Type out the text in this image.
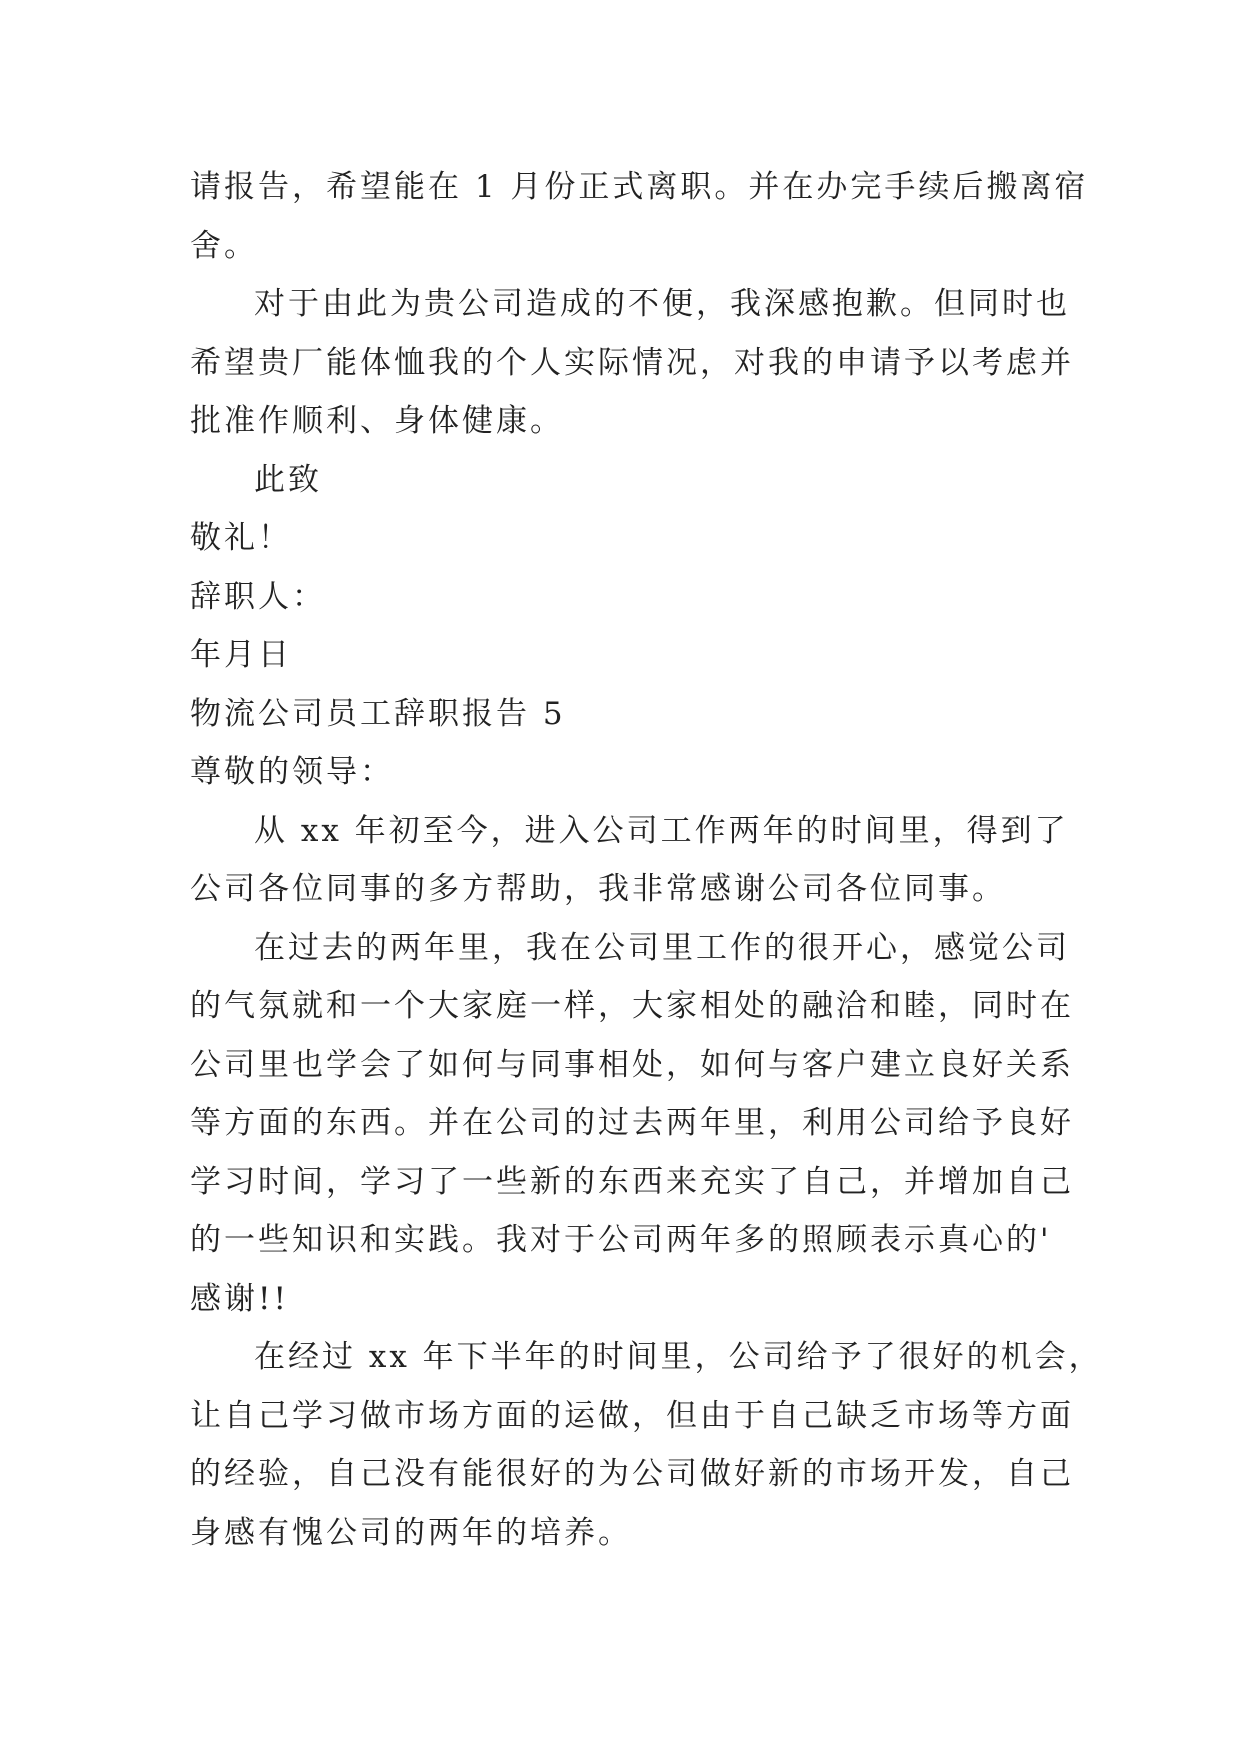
请报告，希望能在 1 月份正式离职。并在办完手续后搬离宿
舍。
对于由此为贵公司造成的不便，我深感抱歉。但同时也
希望贵厂能体恤我的个人实际情况，对我的申请予以考虑并
批准作顺利、身体健康。
此致
敬礼！
辞职人：
年月日
物流公司员工辞职报告 5
尊敬的领导：
从 xx 年初至今，进入公司工作两年的时间里，得到了
公司各位同事的多方帮助，我非常感谢公司各位同事。
在过去的两年里，我在公司里工作的很开心，感觉公司
的气氛就和一个大家庭一样，大家相处的融洽和睦，同时在
公司里也学会了如何与同事相处，如何与客户建立良好关系
等方面的东西。并在公司的过去两年里，利用公司给予良好
学习时间，学习了一些新的东西来充实了自己，并增加自己
的一些知识和实践。我对于公司两年多的照顾表示真心的'
感谢!!
在经过 xx 年下半年的时间里，公司给予了很好的机会，
让自己学习做市场方面的运做，但由于自己缺乏市场等方面
的经验，自己没有能很好的为公司做好新的市场开发，自己
身感有愧公司的两年的培养。
